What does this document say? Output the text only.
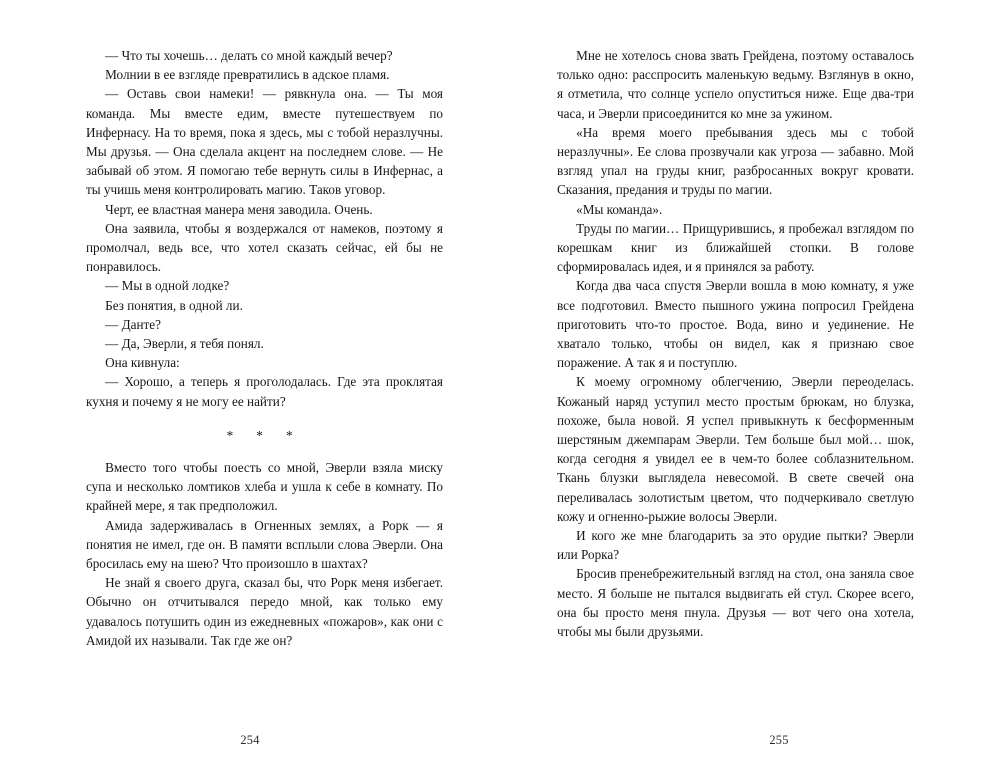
— Что ты хочешь… делать со мной каждый вечер?

Молнии в ее взгляде превратились в адское пламя.

— Оставь свои намеки! — рявкнула она. — Ты моя команда. Мы вместе едим, вместе путешествуем по Инфернасу. На то время, пока я здесь, мы с тобой неразлучны. Мы друзья. — Она сделала акцент на последнем слове. — Не забывай об этом. Я помогаю тебе вернуть силы в Инфернас, а ты учишь меня контролировать магию. Таков уговор.

Черт, ее властная манера меня заводила. Очень.

Она заявила, чтобы я воздержался от намеков, поэтому я промолчал, ведь все, что хотел сказать сейчас, ей бы не понравилось.

— Мы в одной лодке?

Без понятия, в одной ли.

— Данте?

— Да, Эверли, я тебя понял.

Она кивнула:

— Хорошо, а теперь я проголодалась. Где эта проклятая кухня и почему я не могу ее найти?

* * *

Вместо того чтобы поесть со мной, Эверли взяла миску супа и несколько ломтиков хлеба и ушла к себе в комнату. По крайней мере, я так предположил.

Амида задерживалась в Огненных землях, а Рорк — я понятия не имел, где он. В памяти всплыли слова Эверли. Она бросилась ему на шею? Что произошло в шахтах?

Не знай я своего друга, сказал бы, что Рорк меня избегает. Обычно он отчитывался передо мной, как только ему удавалось потушить один из ежедневных «пожаров», как они с Амидой их называли. Так где же он?

254

Мне не хотелось снова звать Грейдена, поэтому оставалось только одно: расспросить маленькую ведьму. Взглянув в окно, я отметила, что солнце успело опуститься ниже. Еще два-три часа, и Эверли присоединится ко мне за ужином.

«На время моего пребывания здесь мы с тобой неразлучны». Ее слова прозвучали как угроза — забавно. Мой взгляд упал на груды книг, разбросанных вокруг кровати. Сказания, предания и труды по магии.

«Мы команда».

Труды по магии… Прищурившись, я пробежал взглядом по корешкам книг из ближайшей стопки. В голове сформировалась идея, и я принялся за работу.

Когда два часа спустя Эверли вошла в мою комнату, я уже все подготовил. Вместо пышного ужина попросил Грейдена приготовить что-то простое. Вода, вино и уединение. Не хватало только, чтобы он видел, как я признаю свое поражение. А так я и поступлю.

К моему огромному облегчению, Эверли переоделась. Кожаный наряд уступил место простым брюкам, но блузка, похоже, была новой. Я успел привыкнуть к бесформенным шерстяным джемпарам Эверли. Тем больше был мой… шок, когда сегодня я увидел ее в чем-то более соблазнительном. Ткань блузки выглядела невесомой. В свете свечей она переливалась золотистым цветом, что подчеркивало светлую кожу и огненно-рыжие волосы Эверли.

И кого же мне благодарить за это орудие пытки? Эверли или Рорка?

Бросив пренебрежительный взгляд на стол, она заняла свое место. Я больше не пытался выдвигать ей стул. Скорее всего, она бы просто меня пнула. Друзья — вот чего она хотела, чтобы мы были друзьями.

255
